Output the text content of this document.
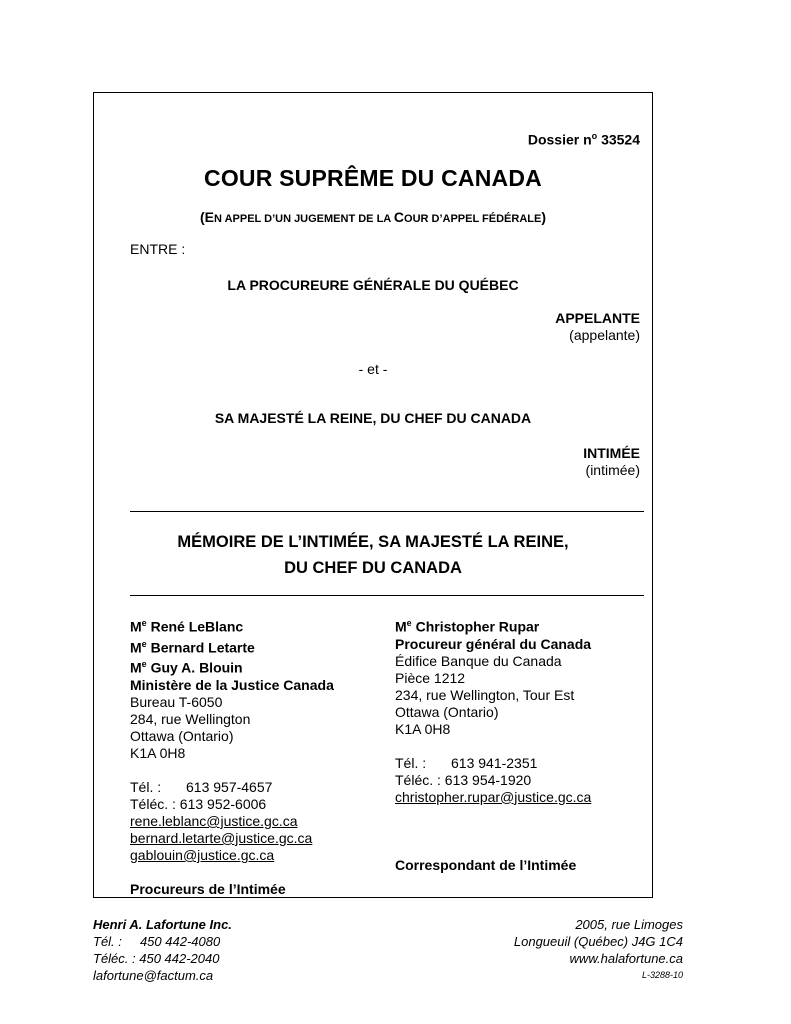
Dossier $n^o$ 33524
COUR SUPRÊME DU CANADA
(EN APPEL D’UN JUGEMENT DE LA COUR D’APPEL FÉDÉRALE)
ENTRE :
LA PROCUREURE GÉNÉRALE DU QUÉBEC
APPELANTE
(appelante)
- et -
SA MAJESTÉ LA REINE, DU CHEF DU CANADA
INTIMÉE
(intimée)
MÉMOIRE DE L’INTIMÉE, SA MAJESTÉ LA REINE,
DU CHEF DU CANADA
Me René LeBlanc
Me Bernard Letarte
Me Guy A. Blouin
Ministère de la Justice Canada
Bureau T-6050
284, rue Wellington
Ottawa (Ontario)
K1A 0H8
Tél. : 613 957-4657
Téléc. : 613 952-6006
rene.leblanc@justice.gc.ca
bernard.letarte@justice.gc.ca
gablouin@justice.gc.ca
Procureurs de l’Intimée
Me Christopher Rupar
Procureur général du Canada
Édifice Banque du Canada
Pièce 1212
234, rue Wellington, Tour Est
Ottawa (Ontario)
K1A 0H8
Tél. : 613 941-2351
Téléc. : 613 954-1920
christopher.rupar@justice.gc.ca
Correspondant de l’Intimée
Henri A. Lafortune Inc.
Tél. :     450 442-4080
Téléc. : 450 442-2040
lafortune@factum.ca
2005, rue Limoges
Longueuil (Québec) J4G 1C4
www.halafortune.ca
L-3288-10
